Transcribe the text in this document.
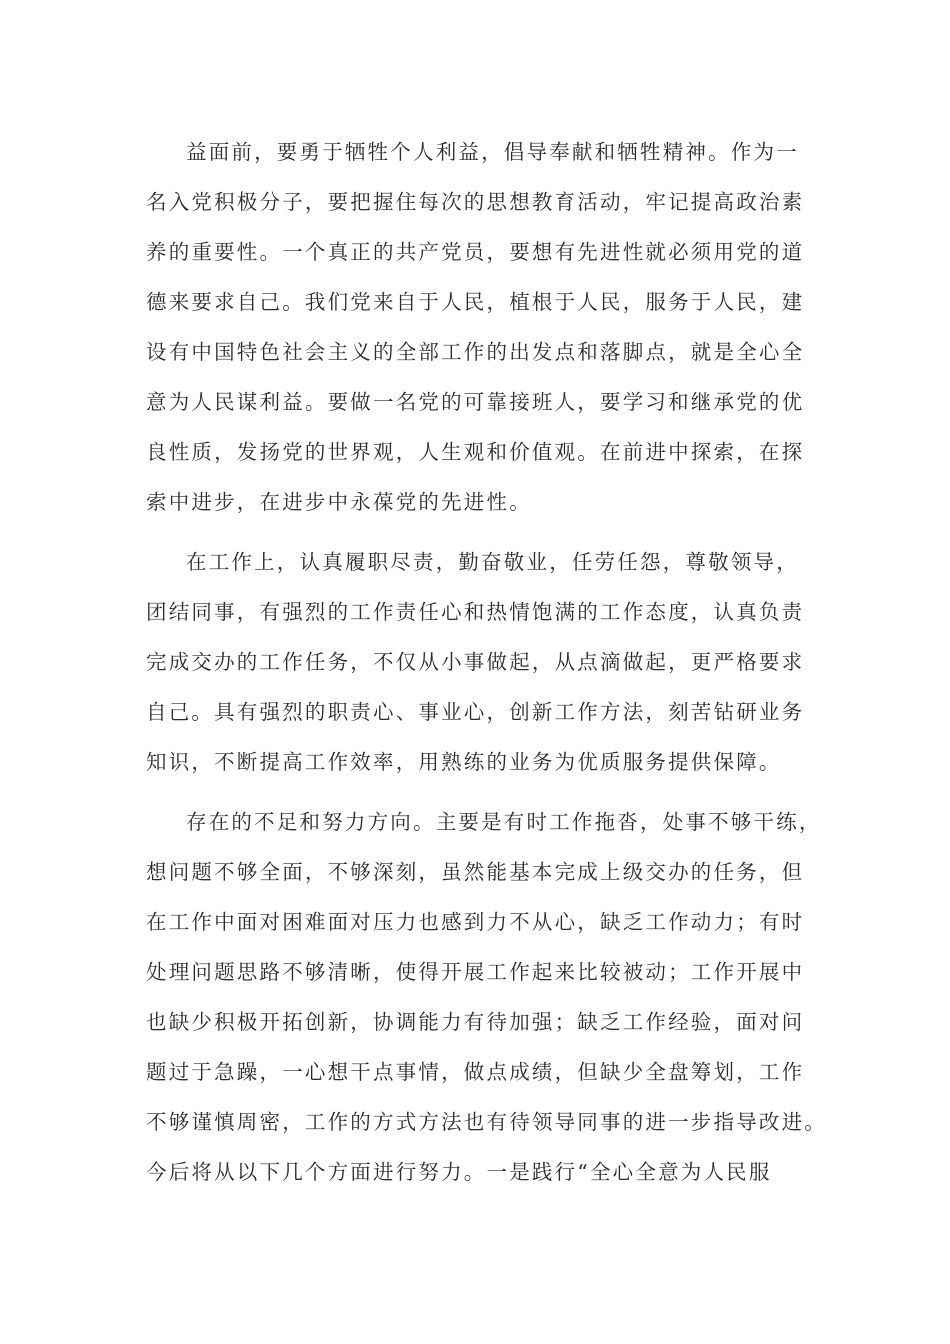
益面前，要勇于牺牲个人利益，倡导奉献和牺牲精神。作为一
名入党积极分子，要把握住每次的思想教育活动，牢记提高政治素
养的重要性。一个真正的共产党员，要想有先进性就必须用党的道
德来要求自己。我们党来自于人民，植根于人民，服务于人民，建
设有中国特色社会主义的全部工作的出发点和落脚点，就是全心全
意为人民谋利益。要做一名党的可靠接班人，要学习和继承党的优
良性质，发扬党的世界观，人生观和价值观。在前进中探索，在探
索中进步，在进步中永葆党的先进性。
在工作上，认真履职尽责，勤奋敬业，任劳任怨，尊敬领导，
团结同事，有强烈的工作责任心和热情饱满的工作态度，认真负责
完成交办的工作任务，不仅从小事做起，从点滴做起，更严格要求
自己。具有强烈的职责心、事业心，创新工作方法，刻苦钻研业务
知识，不断提高工作效率，用熟练的业务为优质服务提供保障。
存在的不足和努力方向。主要是有时工作拖沓，处事不够干练，
想问题不够全面，不够深刻，虽然能基本完成上级交办的任务，但
在工作中面对困难面对压力也感到力不从心，缺乏工作动力；有时
处理问题思路不够清晰，使得开展工作起来比较被动；工作开展中
也缺少积极开拓创新，协调能力有待加强；缺乏工作经验，面对问
题过于急躁，一心想干点事情，做点成绩，但缺少全盘筹划，工作
不够谨慎周密，工作的方式方法也有待领导同事的进一步指导改进。
今后将从以下几个方面进行努力。一是践行“全心全意为人民服
